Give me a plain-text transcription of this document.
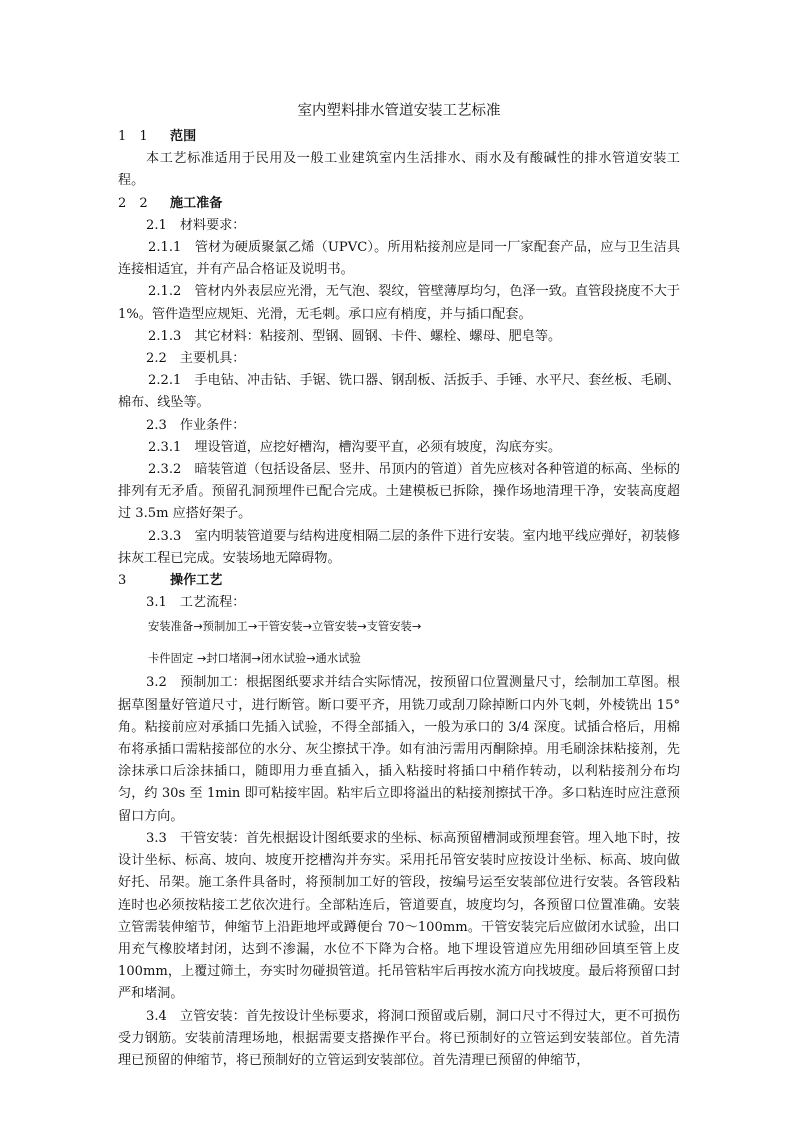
室内塑料排水管道安装工艺标准
1　1 范围

本工艺标准适用于民用及一般工业建筑室内生活排水、雨水及有酸碱性的排水管道安装工程。

2　2 施工准备

2.1　材料要求：

2.1.1　管材为硬质聚氯乙烯（UPVC）。所用粘接剂应是同一厂家配套产品，应与卫生洁具连接相适宜，并有产品合格证及说明书。

2.1.2　管材内外表层应光滑，无气泡、裂纹，管壁薄厚均匀，色泽一致。直管段挠度不大于 1%。管件造型应规矩、光滑，无毛刺。承口应有梢度，并与插口配套。

2.1.3　其它材料：粘接剂、型钢、圆钢、卡件、螺栓、螺母、肥皂等。

2.2　主要机具：

2.2.1　手电钻、冲击钻、手锯、铣口器、钢刮板、活扳手、手锤、水平尺、套丝板、毛刷、棉布、线坠等。

2.3　作业条件：

2.3.1　埋设管道，应挖好槽沟，槽沟要平直，必须有坡度，沟底夯实。

2.3.2　暗装管道（包括设备层、竖井、吊顶内的管道）首先应核对各种管道的标高、坐标的排列有无矛盾。预留孔洞预埋件已配合完成。土建模板已拆除，操作场地清理干净，安装高度超过 3.5m 应搭好架子。

2.3.3　室内明装管道要与结构进度相隔二层的条件下进行安装。室内地平线应弹好，初装修抹灰工程已完成。安装场地无障碍物。

3	操作工艺

3.1　工艺流程：

安装准备→预制加工→干管安装→立管安装→支管安装→

卡件固定 →封口堵洞→闭水试验→通水试验

3.2　预制加工：根据图纸要求并结合实际情况，按预留口位置测量尺寸，绘制加工草图。根据草图量好管道尺寸，进行断管。断口要平齐，用铣刀或刮刀除掉断口内外飞刺，外棱铣出 15° 角。粘接前应对承插口先插入试验，不得全部插入，一般为承口的 3/4 深度。试插合格后，用棉布将承插口需粘接部位的水分、灰尘擦拭干净。如有油污需用丙酮除掉。用毛刷涂抹粘接剂，先涂抹承口后涂抹插口，随即用力垂直插入，插入粘接时将插口中稍作转动，以利粘接剂分布均匀，约 30s 至 1min 即可粘接牢固。粘牢后立即将溢出的粘接剂擦拭干净。多口粘连时应注意预留口方向。

3.3　干管安装：首先根据设计图纸要求的坐标、标高预留槽洞或预埋套管。埋入地下时，按设计坐标、标高、坡向、坡度开挖槽沟并夯实。采用托吊管安装时应按设计坐标、标高、坡向做好托、吊架。施工条件具备时，将预制加工好的管段，按编号运至安装部位进行安装。各管段粘连时也必须按粘接工艺依次进行。全部粘连后，管道要直，坡度均匀，各预留口位置准确。安装立管需装伸缩节，伸缩节上沿距地坪或蹲便台 70～100mm。干管安装完后应做闭水试验，出口用充气橡胶堵封闭，达到不渗漏，水位不下降为合格。地下埋设管道应先用细砂回填至管上皮 100mm，上覆过筛土，夯实时勿碰损管道。托吊管粘牢后再按水流方向找坡度。最后将预留口封严和堵洞。

3.4　立管安装：首先按设计坐标要求，将洞口预留或后剔，洞口尺寸不得过大，更不可损伤受力钢筋。安装前清理场地，根据需要支搭操作平台。将已预制好的立管运到安装部位。首先清理已预留的伸缩节，将已预制好的立管运到安装部位。首先清理已预留的伸缩节，
